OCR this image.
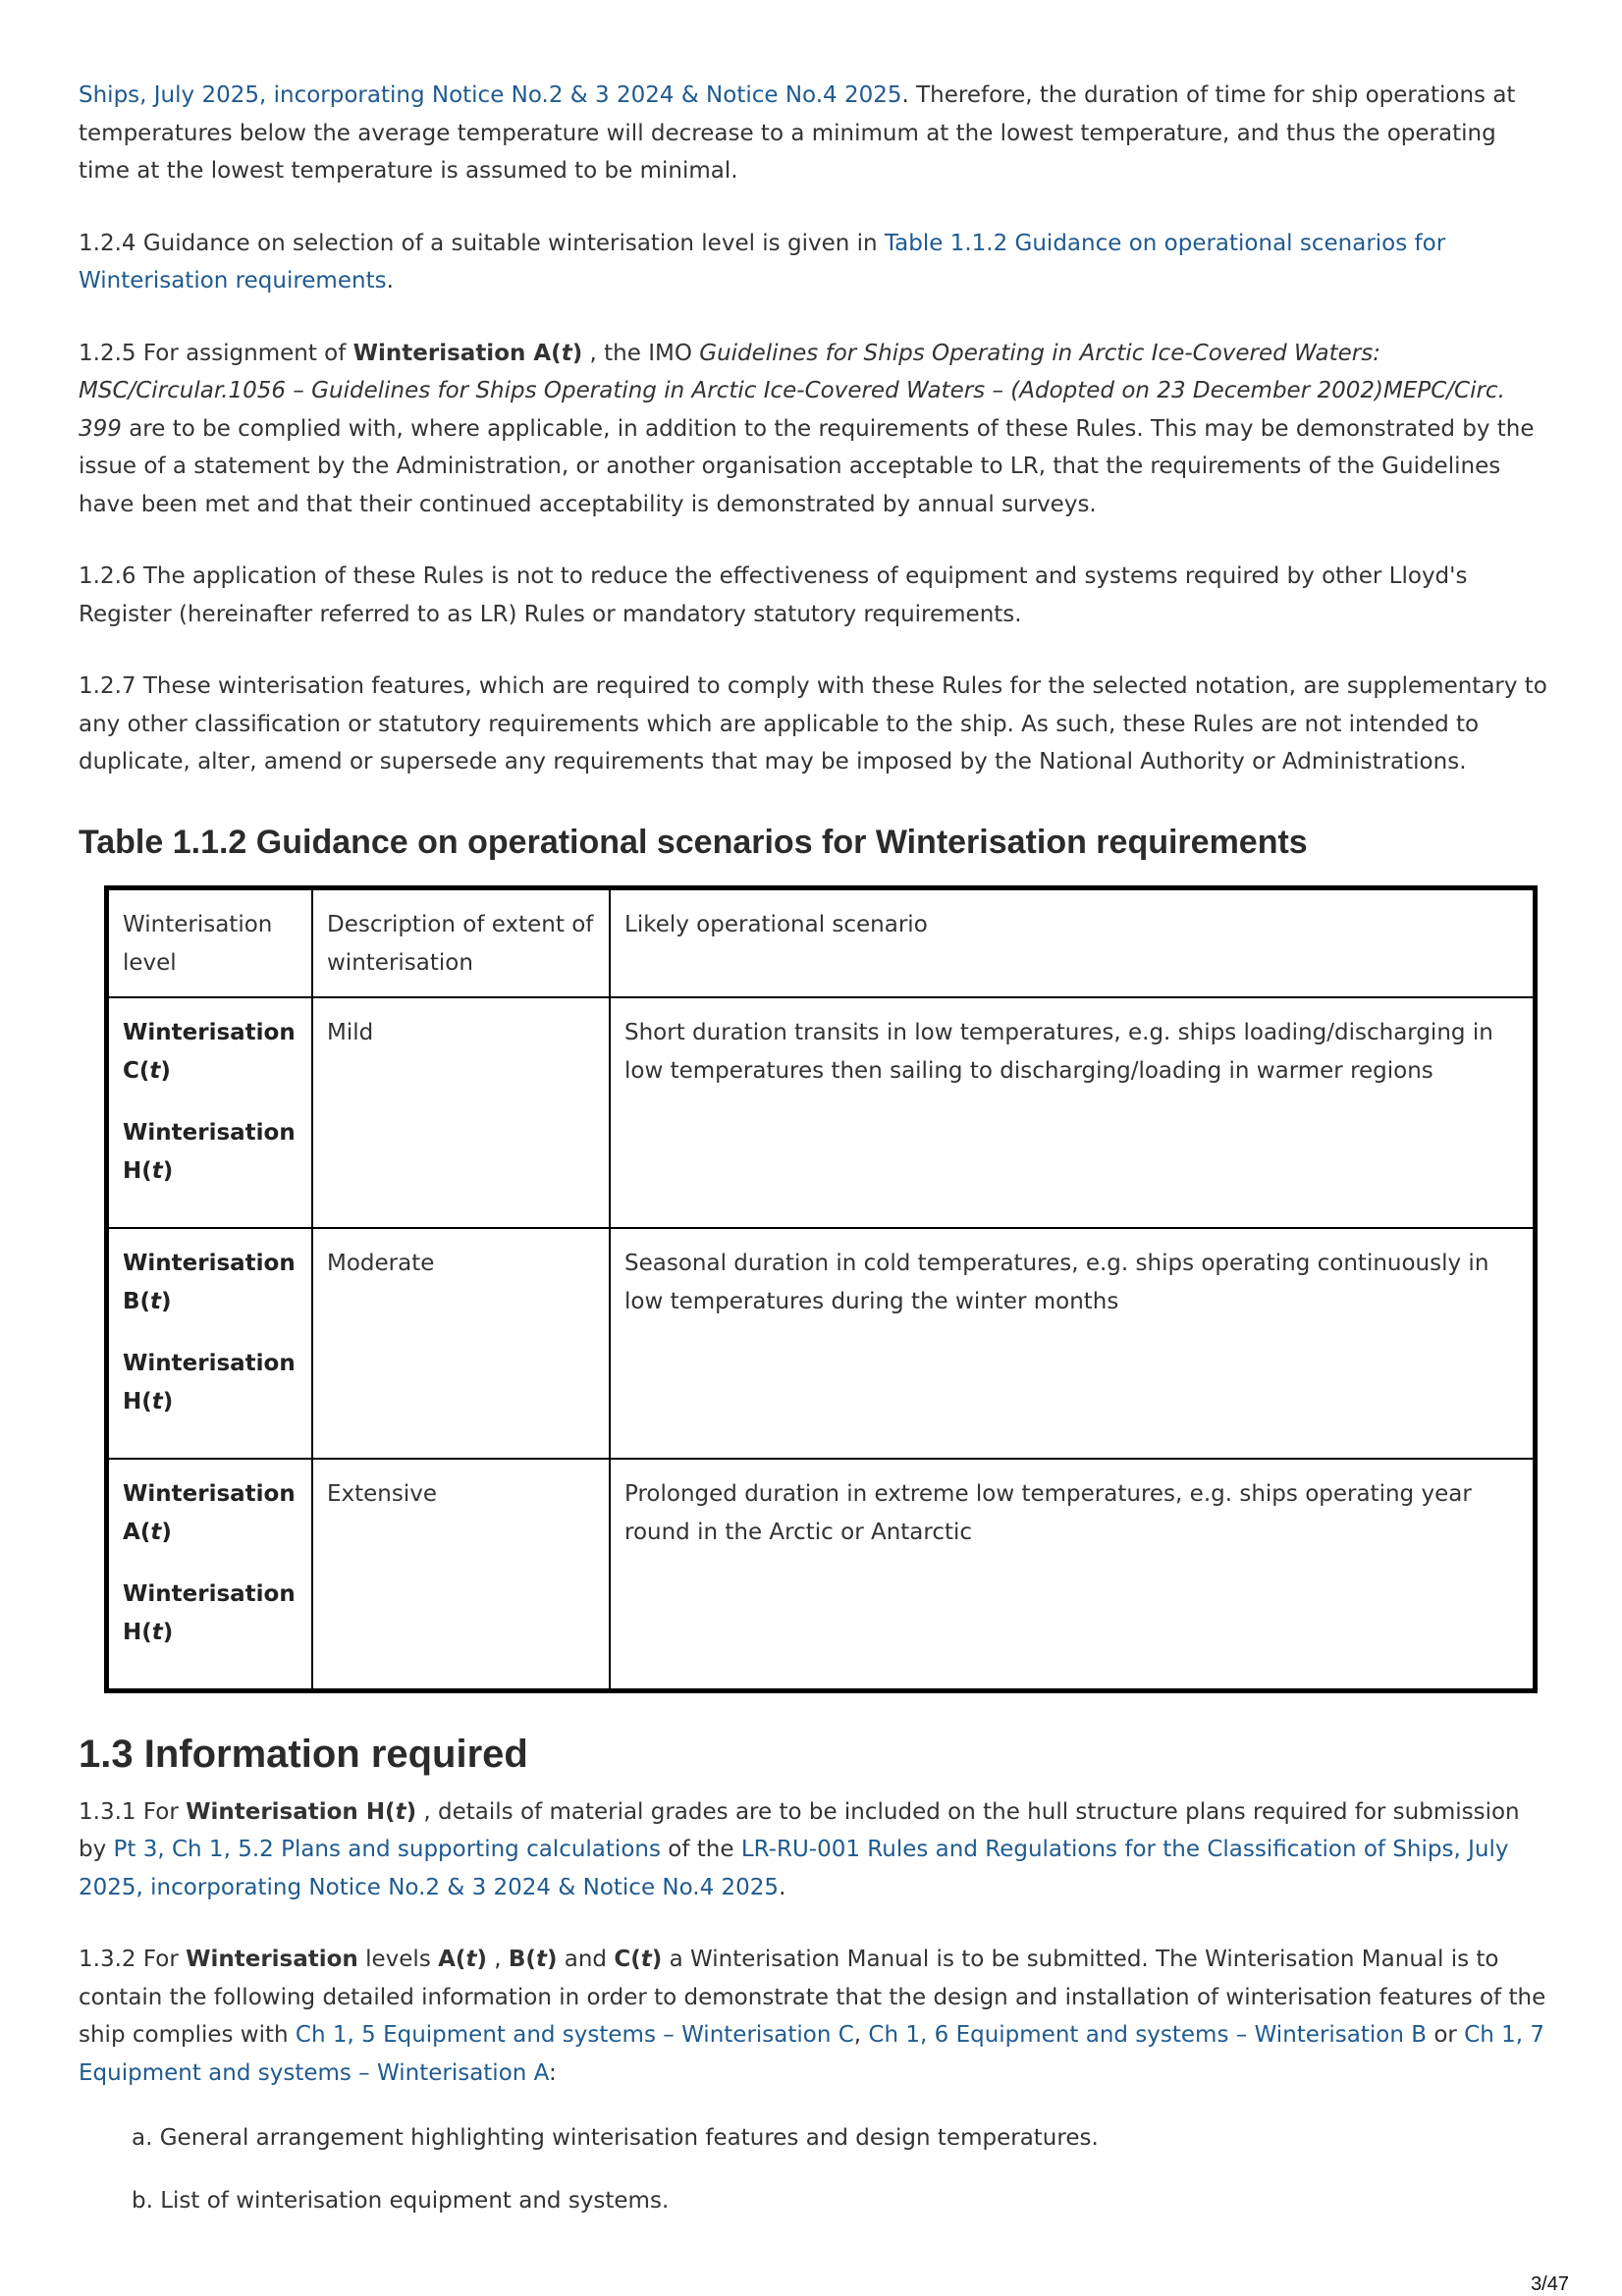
Ships, July 2025, incorporating Notice No.2 & 3 2024 & Notice No.4 2025. Therefore, the duration of time for ship operations at temperatures below the average temperature will decrease to a minimum at the lowest temperature, and thus the operating time at the lowest temperature is assumed to be minimal.

1.2.4 Guidance on selection of a suitable winterisation level is given in Table 1.1.2 Guidance on operational scenarios for Winterisation requirements.

1.2.5 For assignment of Winterisation A(t) , the IMO Guidelines for Ships Operating in Arctic Ice-Covered Waters: MSC/Circular.1056 – Guidelines for Ships Operating in Arctic Ice-Covered Waters – (Adopted on 23 December 2002)MEPC/Circ. 399 are to be complied with, where applicable, in addition to the requirements of these Rules. This may be demonstrated by the issue of a statement by the Administration, or another organisation acceptable to LR, that the requirements of the Guidelines have been met and that their continued acceptability is demonstrated by annual surveys.

1.2.6 The application of these Rules is not to reduce the effectiveness of equipment and systems required by other Lloyd's Register (hereinafter referred to as LR) Rules or mandatory statutory requirements.

1.2.7 These winterisation features, which are required to comply with these Rules for the selected notation, are supplementary to any other classification or statutory requirements which are applicable to the ship. As such, these Rules are not intended to duplicate, alter, amend or supersede any requirements that may be imposed by the National Authority or Administrations.

Table 1.1.2 Guidance on operational scenarios for Winterisation requirements
Winterisation level	Description of extent of winterisation	Likely operational scenario

Winterisation C(t)
Winterisation H(t)	Mild	Short duration transits in low temperatures, e.g. ships loading/discharging in low temperatures then sailing to discharging/loading in warmer regions

Winterisation B(t)
Winterisation H(t)	Moderate	Seasonal duration in cold temperatures, e.g. ships operating continuously in low temperatures during the winter months

Winterisation A(t)
Winterisation H(t)	Extensive	Prolonged duration in extreme low temperatures, e.g. ships operating year round in the Arctic or Antarctic
1.3 Information required

1.3.1 For Winterisation H(t) , details of material grades are to be included on the hull structure plans required for submission by Pt 3, Ch 1, 5.2 Plans and supporting calculations of the LR-RU-001 Rules and Regulations for the Classification of Ships, July 2025, incorporating Notice No.2 & 3 2024 & Notice No.4 2025.

1.3.2 For Winterisation levels A(t) , B(t) and C(t) a Winterisation Manual is to be submitted. The Winterisation Manual is to contain the following detailed information in order to demonstrate that the design and installation of winterisation features of the ship complies with Ch 1, 5 Equipment and systems – Winterisation C, Ch 1, 6 Equipment and systems – Winterisation B or Ch 1, 7 Equipment and systems – Winterisation A:

a. General arrangement highlighting winterisation features and design temperatures.
b. List of winterisation equipment and systems.
3/47
